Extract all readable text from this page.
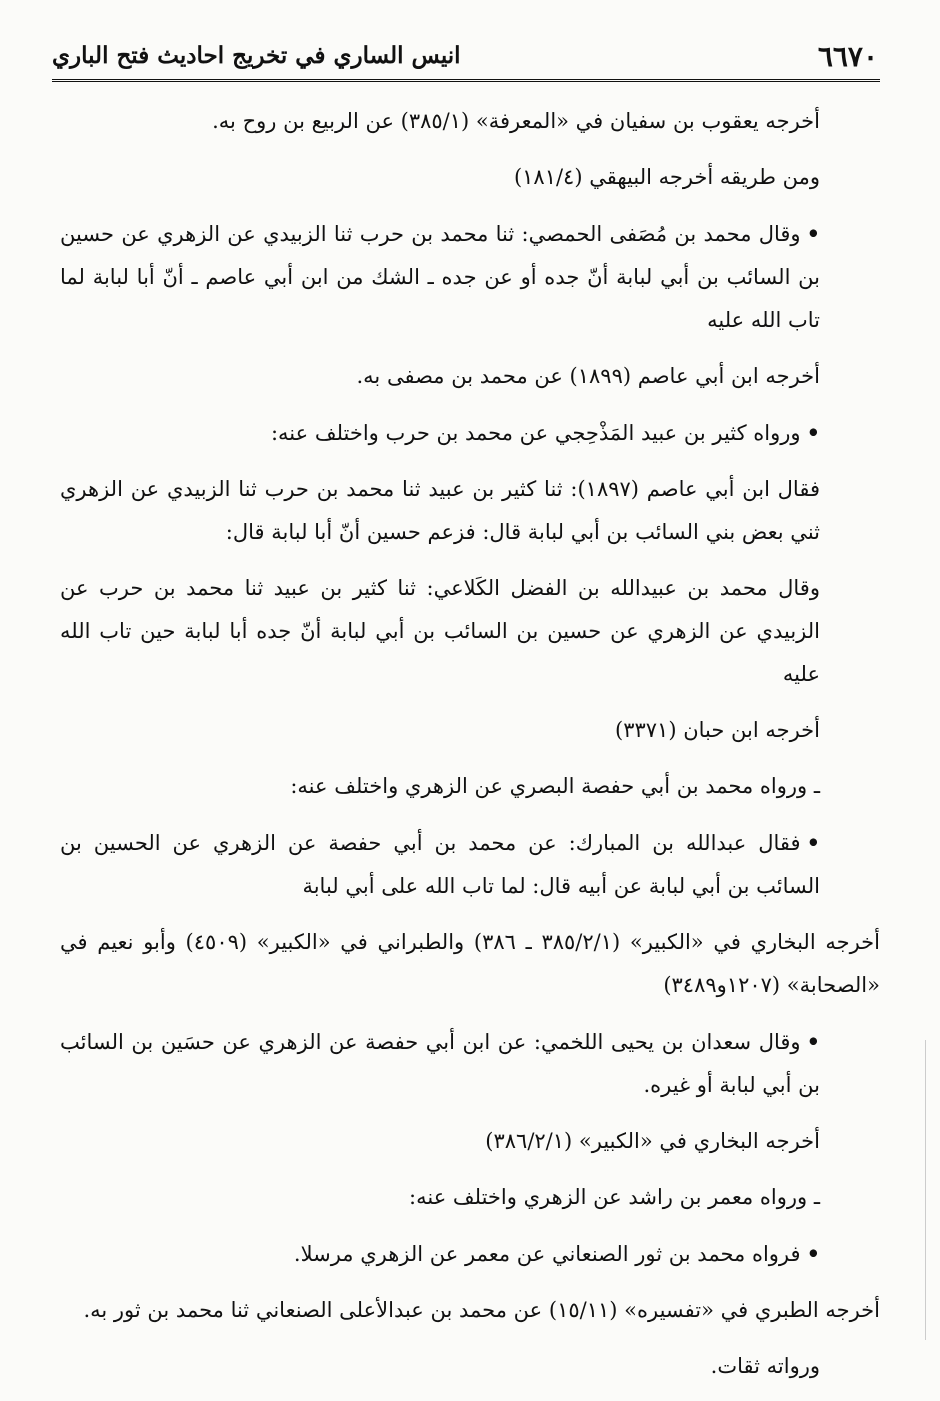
٦٦٧٠
انيس الساري في تخريج احاديث فتح الباري

أخرجه يعقوب بن سفيان في «المعرفة» (٣٨٥/١) عن الربيع بن روح به.

ومن طريقه أخرجه البيهقي (١٨١/٤)

•وقال محمد بن مُصَفى الحمصي: ثنا محمد بن حرب ثنا الزبيدي عن الزهري عن حسين بن السائب بن أبي لبابة أنّ جده أو عن جده ـ الشك من ابن أبي عاصم ـ أنّ أبا لبابة لما تاب الله عليه

أخرجه ابن أبي عاصم (١٨٩٩) عن محمد بن مصفى به.

•ورواه كثير بن عبيد المَذْحِجي عن محمد بن حرب واختلف عنه:

فقال ابن أبي عاصم (١٨٩٧): ثنا كثير بن عبيد ثنا محمد بن حرب ثنا الزبيدي عن الزهري ثني بعض بني السائب بن أبي لبابة قال: فزعم حسين أنّ أبا لبابة قال:

وقال محمد بن عبيدالله بن الفضل الكَلاعي: ثنا كثير بن عبيد ثنا محمد بن حرب عن الزبيدي عن الزهري عن حسين بن السائب بن أبي لبابة أنّ جده أبا لبابة حين تاب الله عليه

أخرجه ابن حبان (٣٣٧١)

ـ ورواه محمد بن أبي حفصة البصري عن الزهري واختلف عنه:

•فقال عبدالله بن المبارك: عن محمد بن أبي حفصة عن الزهري عن الحسين بن السائب بن أبي لبابة عن أبيه قال: لما تاب الله على أبي لبابة

أخرجه البخاري في «الكبير» (٣٨٥/٢/١ ـ ٣٨٦) والطبراني في «الكبير» (٤٥٠٩) وأبو نعيم في «الصحابة» (١٢٠٧و٣٤٨٩)

•وقال سعدان بن يحيى اللخمي: عن ابن أبي حفصة عن الزهري عن حسَين بن السائب بن أبي لبابة أو غيره.

أخرجه البخاري في «الكبير» (٣٨٦/٢/١)

ـ ورواه معمر بن راشد عن الزهري واختلف عنه:

•فرواه محمد بن ثور الصنعاني عن معمر عن الزهري مرسلا.

أخرجه الطبري في «تفسيره» (١٥/١١) عن محمد بن عبدالأعلى الصنعاني ثنا محمد بن ثور به.

ورواته ثقات.
